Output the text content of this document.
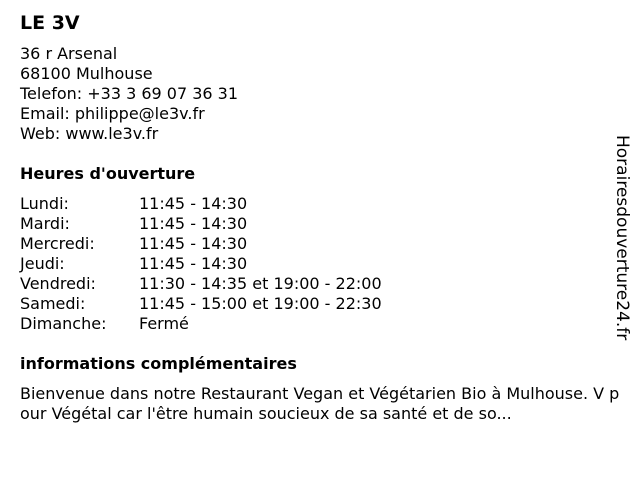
LE 3V
36 r Arsenal
68100 Mulhouse
Telefon: +33 3 69 07 36 31
Email: philippe@le3v.fr
Web: www.le3v.fr
Heures d'ouverture
Lundi:	11:45 - 14:30
Mardi:	11:45 - 14:30
Mercredi:	11:45 - 14:30
Jeudi:	11:45 - 14:30
Vendredi:	11:30 - 14:35 et 19:00 - 22:00
Samedi:	11:45 - 15:00 et 19:00 - 22:30
Dimanche: Fermé
informations complémentaires
Bienvenue dans notre Restaurant Vegan et Végétarien Bio à Mulhouse. V pour Végétal car l'être humain soucieux de sa santé et de so...
Horairesdouverture24.fr
